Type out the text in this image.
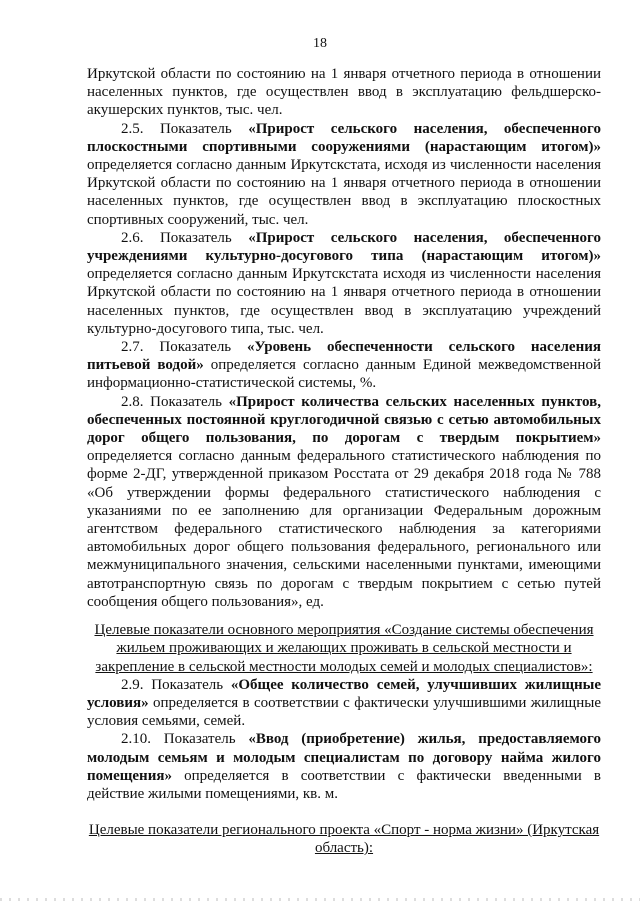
18

Иркутской области по состоянию на 1 января отчетного периода в отношении населенных пунктов, где осуществлен ввод в эксплуатацию фельдшерско-акушерских пунктов, тыс. чел.

2.5. Показатель «Прирост сельского населения, обеспеченного плоскостными спортивными сооружениями (нарастающим итогом)» определяется согласно данным Иркутскстата, исходя из численности населения Иркутской области по состоянию на 1 января отчетного периода в отношении населенных пунктов, где осуществлен ввод в эксплуатацию плоскостных спортивных сооружений, тыс. чел.

2.6. Показатель «Прирост сельского населения, обеспеченного учреждениями культурно-досугового типа (нарастающим итогом)» определяется согласно данным Иркутскстата исходя из численности населения Иркутской области по состоянию на 1 января отчетного периода в отношении населенных пунктов, где осуществлен ввод в эксплуатацию учреждений культурно-досугового типа, тыс. чел.

2.7. Показатель «Уровень обеспеченности сельского населения питьевой водой» определяется согласно данным Единой межведомственной информационно-статистической системы, %.

2.8. Показатель «Прирост количества сельских населенных пунктов, обеспеченных постоянной круглогодичной связью с сетью автомобильных дорог общего пользования, по дорогам с твердым покрытием» определяется согласно данным федерального статистического наблюдения по форме 2-ДГ, утвержденной приказом Росстата от 29 декабря 2018 года № 788 «Об утверждении формы федерального статистического наблюдения с указаниями по ее заполнению для организации Федеральным дорожным агентством федерального статистического наблюдения за категориями автомобильных дорог общего пользования федерального, регионального или межмуниципального значения, сельскими населенными пунктами, имеющими автотранспортную связь по дорогам с твердым покрытием с сетью путей сообщения общего пользования», ед.

Целевые показатели основного мероприятия «Создание системы обеспечения жильем проживающих и желающих проживать в сельской местности и закрепление в сельской местности молодых семей и молодых специалистов»:

2.9. Показатель «Общее количество семей, улучшивших жилищные условия» определяется в соответствии с фактически улучшившими жилищные условия семьями, семей.

2.10. Показатель «Ввод (приобретение) жилья, предоставляемого молодым семьям и молодым специалистам по договору найма жилого помещения» определяется в соответствии с фактически введенными в действие жилыми помещениями, кв. м.

Целевые показатели регионального проекта «Спорт - норма жизни» (Иркутская область):
